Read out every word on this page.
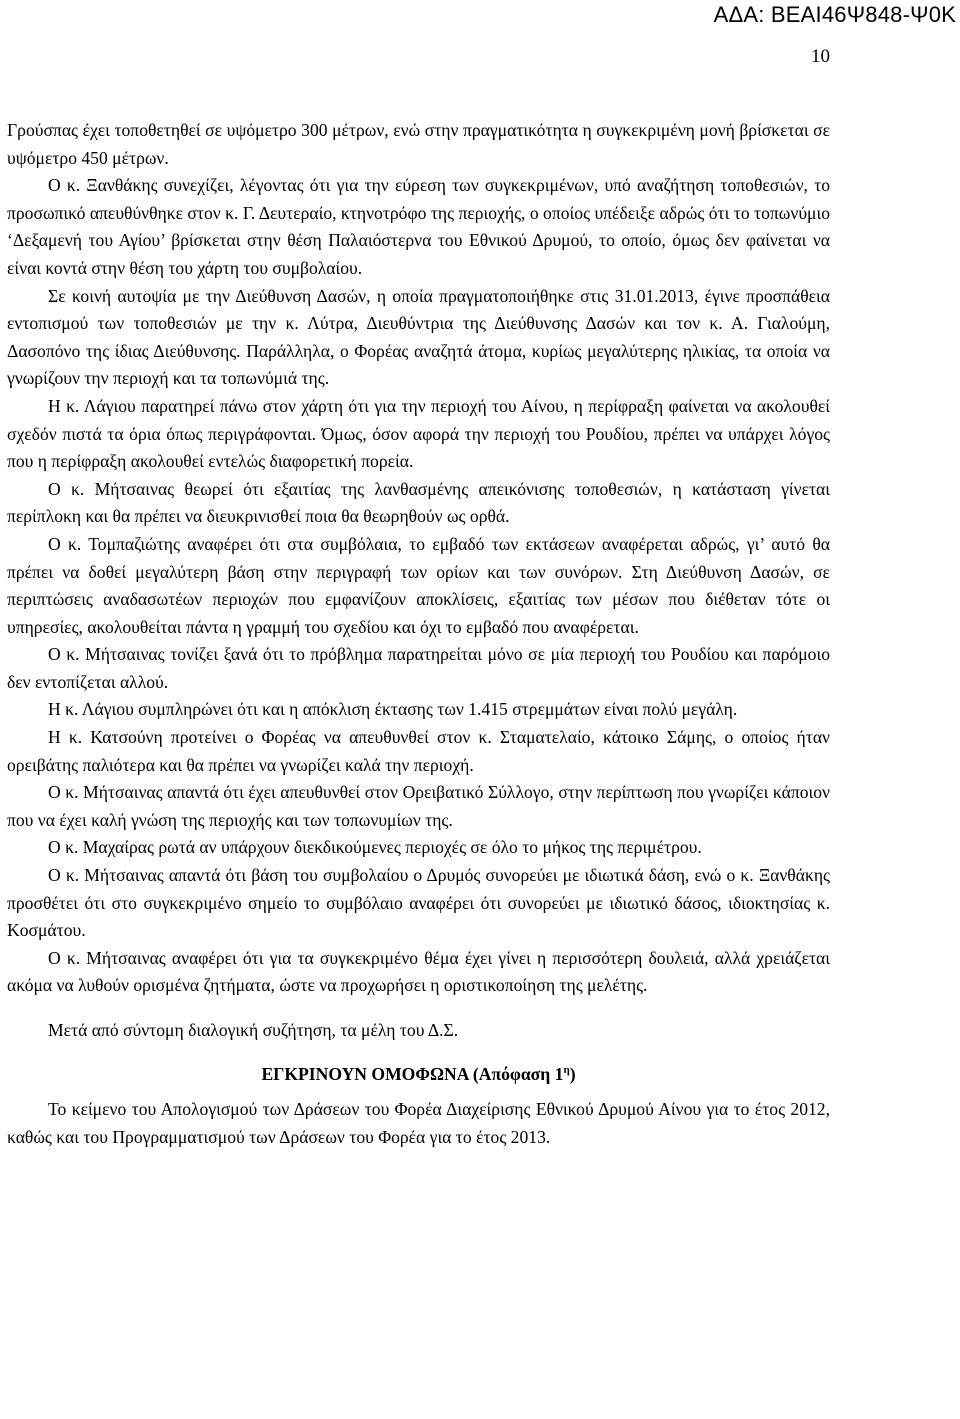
ΑΔΑ: ΒΕΑΙ46Ψ848-Ψ0Κ
10

Γρούσπας έχει τοποθετηθεί σε υψόμετρο 300 μέτρων, ενώ στην πραγματικότητα η συγκεκριμένη μονή βρίσκεται σε υψόμετρο 450 μέτρων.

Ο κ. Ξανθάκης συνεχίζει, λέγοντας ότι για την εύρεση των συγκεκριμένων, υπό αναζήτηση τοποθεσιών, το προσωπικό απευθύνθηκε στον κ. Γ. Δευτεραίο, κτηνοτρόφο της περιοχής, ο οποίος υπέδειξε αδρώς ότι το τοπωνύμιο ‘Δεξαμενή του Αγίου’ βρίσκεται στην θέση Παλαιόστερνα του Εθνικού Δρυμού, το οποίο, όμως δεν φαίνεται να είναι κοντά στην θέση του χάρτη του συμβολαίου.

Σε κοινή αυτοψία με την Διεύθυνση Δασών, η οποία πραγματοποιήθηκε στις 31.01.2013, έγινε προσπάθεια εντοπισμού των τοποθεσιών με την κ. Λύτρα, Διευθύντρια της Διεύθυνσης Δασών και τον κ. Α. Γιαλούμη, Δασοπόνο της ίδιας Διεύθυνσης. Παράλληλα, ο Φορέας αναζητά άτομα, κυρίως μεγαλύτερης ηλικίας, τα οποία να γνωρίζουν την περιοχή και τα τοπωνύμιά της.

Η κ. Λάγιου παρατηρεί πάνω στον χάρτη ότι για την περιοχή του Αίνου, η περίφραξη φαίνεται να ακολουθεί σχεδόν πιστά τα όρια όπως περιγράφονται. Όμως, όσον αφορά την περιοχή του Ρουδίου, πρέπει να υπάρχει λόγος που η περίφραξη ακολουθεί εντελώς διαφορετική πορεία.

Ο κ. Μήτσαινας θεωρεί ότι εξαιτίας της λανθασμένης απεικόνισης τοποθεσιών, η κατάσταση γίνεται περίπλοκη και θα πρέπει να διευκρινισθεί ποια θα θεωρηθούν ως ορθά.

Ο κ. Τομπαζιώτης αναφέρει ότι στα συμβόλαια, το εμβαδό των εκτάσεων αναφέρεται αδρώς, γι’ αυτό θα πρέπει να δοθεί μεγαλύτερη βάση στην περιγραφή των ορίων και των συνόρων. Στη Διεύθυνση Δασών, σε περιπτώσεις αναδασωτέων περιοχών που εμφανίζουν αποκλίσεις, εξαιτίας των μέσων που διέθεταν τότε οι υπηρεσίες, ακολουθείται πάντα η γραμμή του σχεδίου και όχι το εμβαδό που αναφέρεται.

Ο κ. Μήτσαινας τονίζει ξανά ότι το πρόβλημα παρατηρείται μόνο σε μία περιοχή του Ρουδίου και παρόμοιο δεν εντοπίζεται αλλού.

Η κ. Λάγιου συμπληρώνει ότι και η απόκλιση έκτασης των 1.415 στρεμμάτων είναι πολύ μεγάλη.

Η κ. Κατσούνη προτείνει ο Φορέας να απευθυνθεί στον κ. Σταματελαίο, κάτοικο Σάμης, ο οποίος ήταν ορειβάτης παλιότερα και θα πρέπει να γνωρίζει καλά την περιοχή.

Ο κ. Μήτσαινας απαντά ότι έχει απευθυνθεί στον Ορειβατικό Σύλλογο, στην περίπτωση που γνωρίζει κάποιον που να έχει καλή γνώση της περιοχής και των τοπωνυμίων της.

Ο κ. Μαχαίρας ρωτά αν υπάρχουν διεκδικούμενες περιοχές σε όλο το μήκος της περιμέτρου.

Ο κ. Μήτσαινας απαντά ότι βάση του συμβολαίου ο Δρυμός συνορεύει με ιδιωτικά δάση, ενώ ο κ. Ξανθάκης προσθέτει ότι στο συγκεκριμένο σημείο το συμβόλαιο αναφέρει ότι συνορεύει με ιδιωτικό δάσος, ιδιοκτησίας κ. Κοσμάτου.

Ο κ. Μήτσαινας αναφέρει ότι για τα συγκεκριμένο θέμα έχει γίνει η περισσότερη δουλειά, αλλά χρειάζεται ακόμα να λυθούν ορισμένα ζητήματα, ώστε να προχωρήσει η οριστικοποίηση της μελέτης.

Μετά από σύντομη διαλογική συζήτηση, τα μέλη του Δ.Σ.

ΕΓΚΡΙΝΟΥΝ ΟΜΟΦΩΝΑ (Απόφαση $1^\eta$)

Το κείμενο του Απολογισμού των Δράσεων του Φορέα Διαχείρισης Εθνικού Δρυμού Αίνου για το έτος 2012, καθώς και του Προγραμματισμού των Δράσεων του Φορέα για το έτος 2013.
